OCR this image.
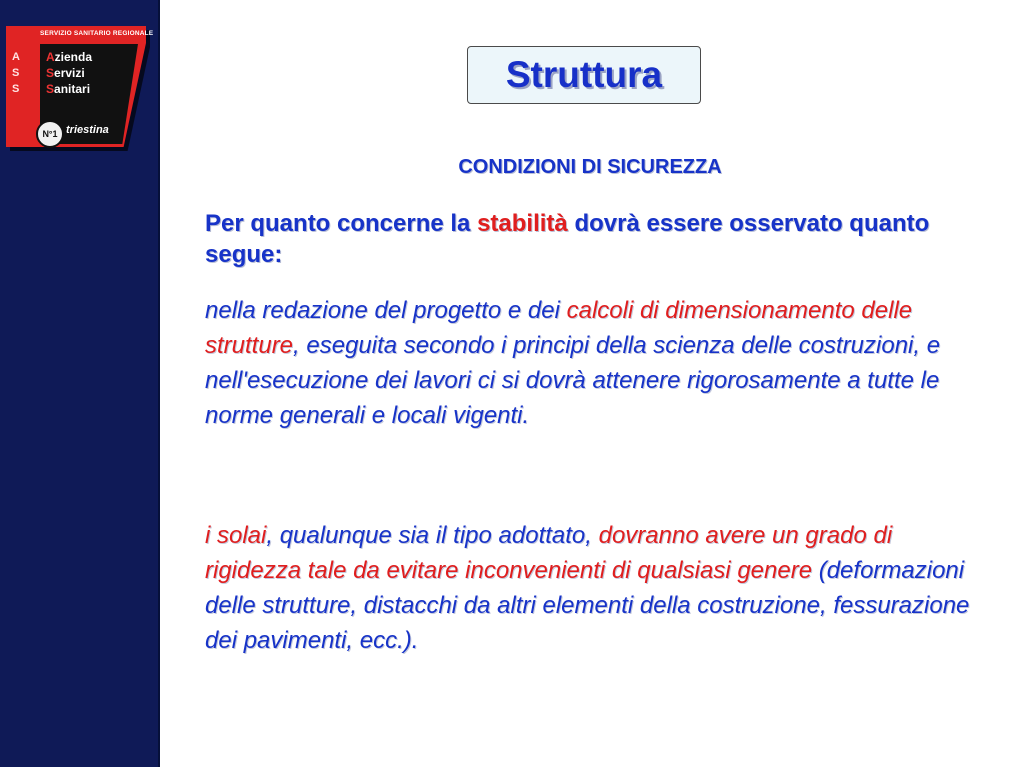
SERVIZIO SANITARIO REGIONALE
A
S
S
Azienda
Servizi
Sanitari
N°1 triestina
Struttura
CONDIZIONI DI SICUREZZA
Per quanto concerne la stabilità dovrà essere osservato quanto segue:
nella redazione del progetto e dei calcoli di dimensionamento delle strutture, eseguita secondo i principi della scienza delle costruzioni, e nell'esecuzione dei lavori ci si dovrà attenere rigorosamente a tutte le norme generali e locali vigenti.
i solai, qualunque sia il tipo adottato, dovranno avere un grado di rigidezza tale da evitare inconvenienti di qualsiasi genere (deformazioni delle strutture, distacchi da altri elementi della costruzione, fessurazione dei pavimenti, ecc.).
